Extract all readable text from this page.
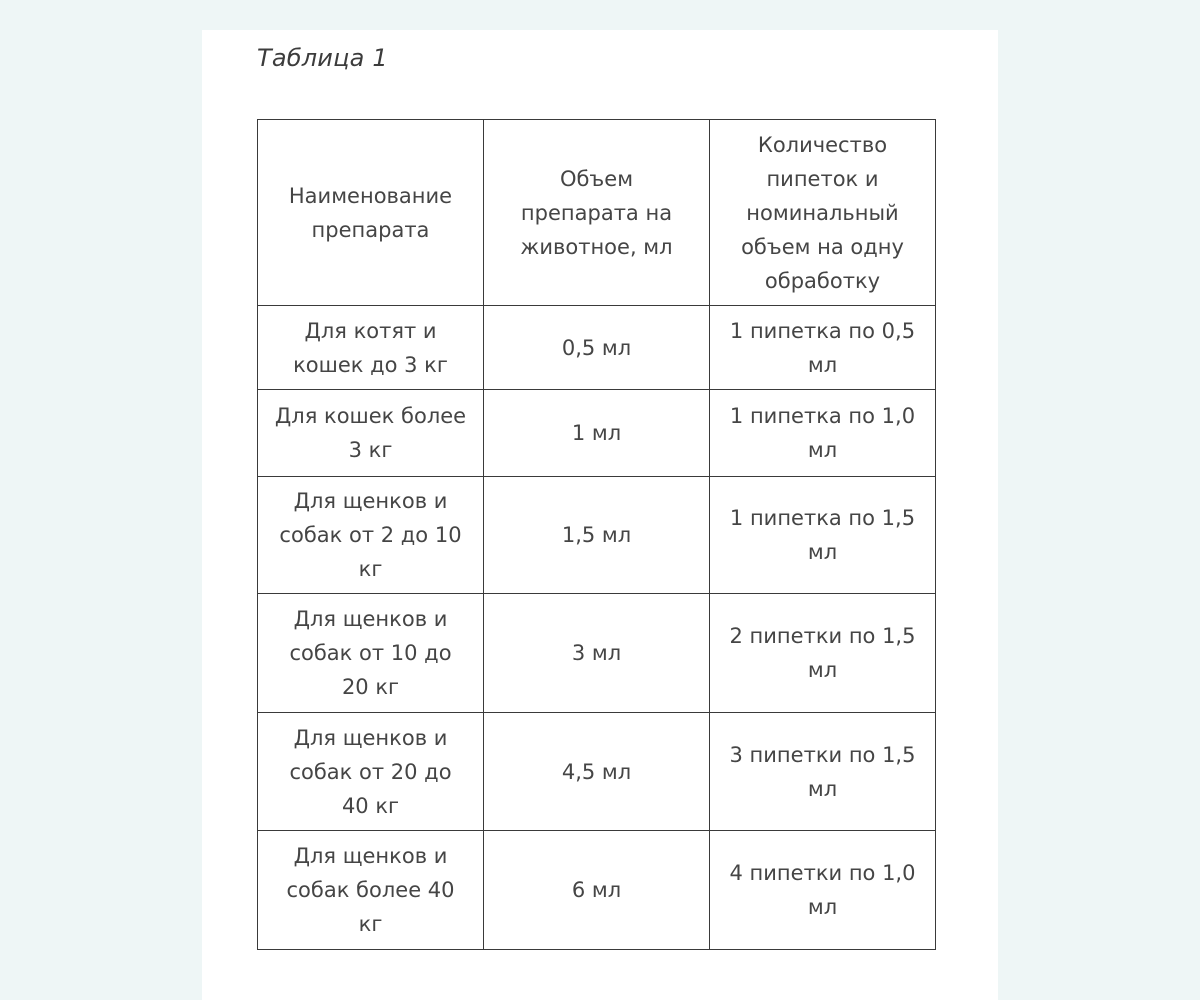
Таблица 1
Наименование препарата	Объем препарата на животное, мл	Количество пипеток и номинальный объем на одну обработку
Для котят и кошек до 3 кг	0,5 мл	1 пипетка по 0,5 мл
Для кошек более 3 кг	1 мл	1 пипетка по 1,0 мл
Для щенков и собак от 2 до 10 кг	1,5 мл	1 пипетка по 1,5 мл
Для щенков и собак от 10 до 20 кг	3 мл	2 пипетки по 1,5 мл
Для щенков и собак от 20 до 40 кг	4,5 мл	3 пипетки по 1,5 мл
Для щенков и собак более 40 кг	6 мл	4 пипетки по 1,0 мл
